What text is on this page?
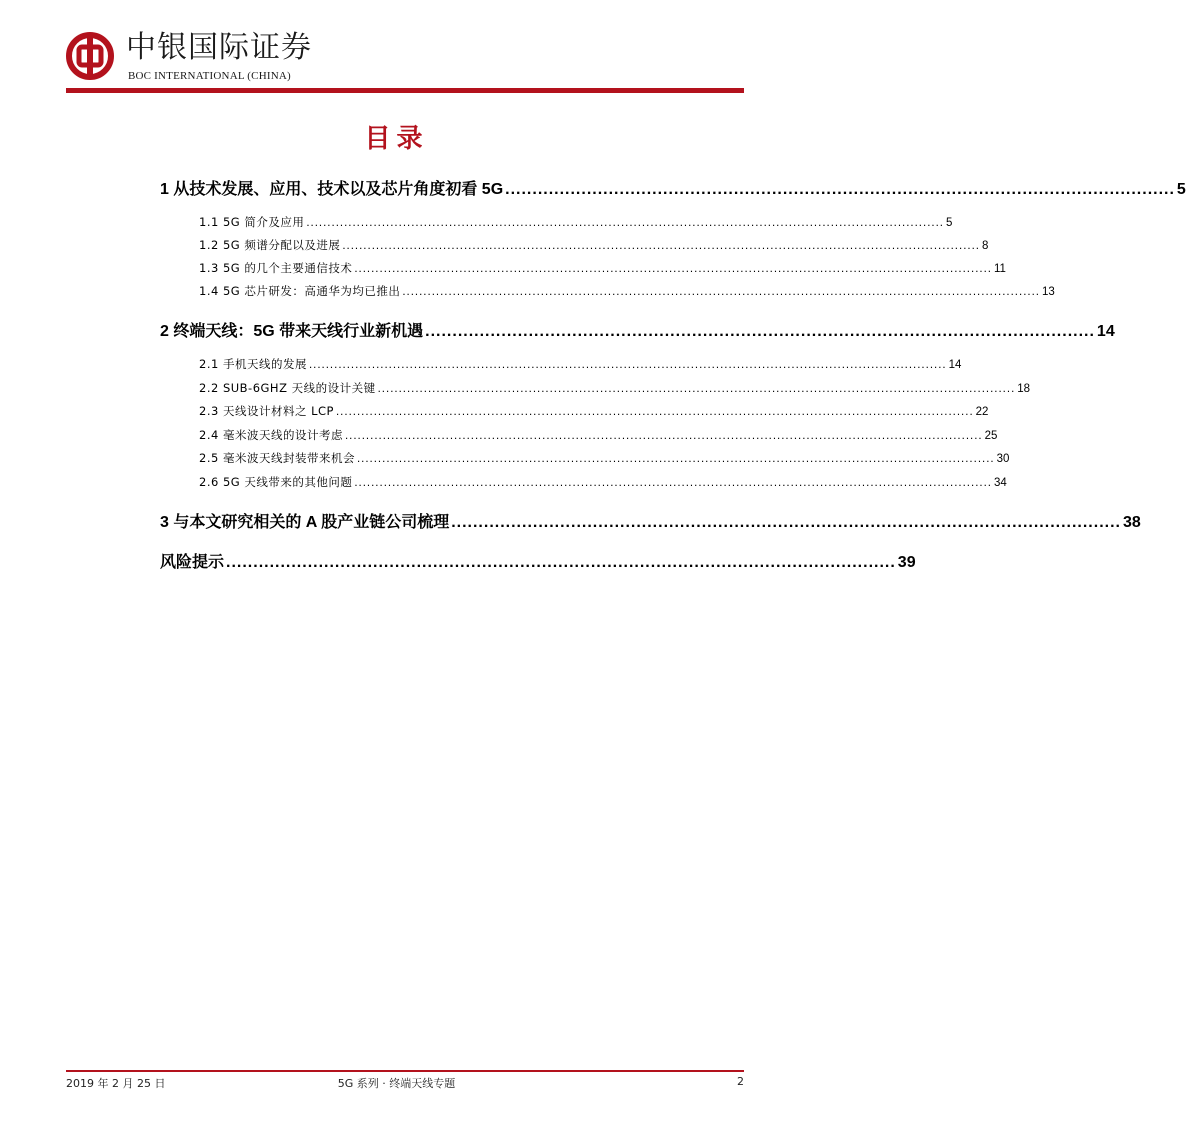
中银国际证券
BOC INTERNATIONAL (CHINA)
目录
1 从技术发展、应用、技术以及芯片角度初看 5G ........................................................................................................................... 5
1.1 5G 简介及应用 ........................................................................................................................................................ 5
1.2 5G 频谱分配以及进展 ........................................................................................................................................................ 8
1.3 5G 的几个主要通信技术 ........................................................................................................................................................ 11
1.4 5G 芯片研发：高通华为均已推出 ........................................................................................................................................................ 13
2 终端天线：5G 带来天线行业新机遇 ........................................................................................................................... 14
2.1 手机天线的发展 ........................................................................................................................................................ 14
2.2 SUB-6GHZ 天线的设计关键 ........................................................................................................................................................ 18
2.3 天线设计材料之 LCP ........................................................................................................................................................ 22
2.4 毫米波天线的设计考虑 ........................................................................................................................................................ 25
2.5 毫米波天线封装带来机会 ........................................................................................................................................................ 30
2.6 5G 天线带来的其他问题 ........................................................................................................................................................ 34
3 与本文研究相关的 A 股产业链公司梳理 ........................................................................................................................... 38
风险提示 ........................................................................................................................... 39
2019 年 2 月 25 日	5G 系列 · 终端天线专题	2
